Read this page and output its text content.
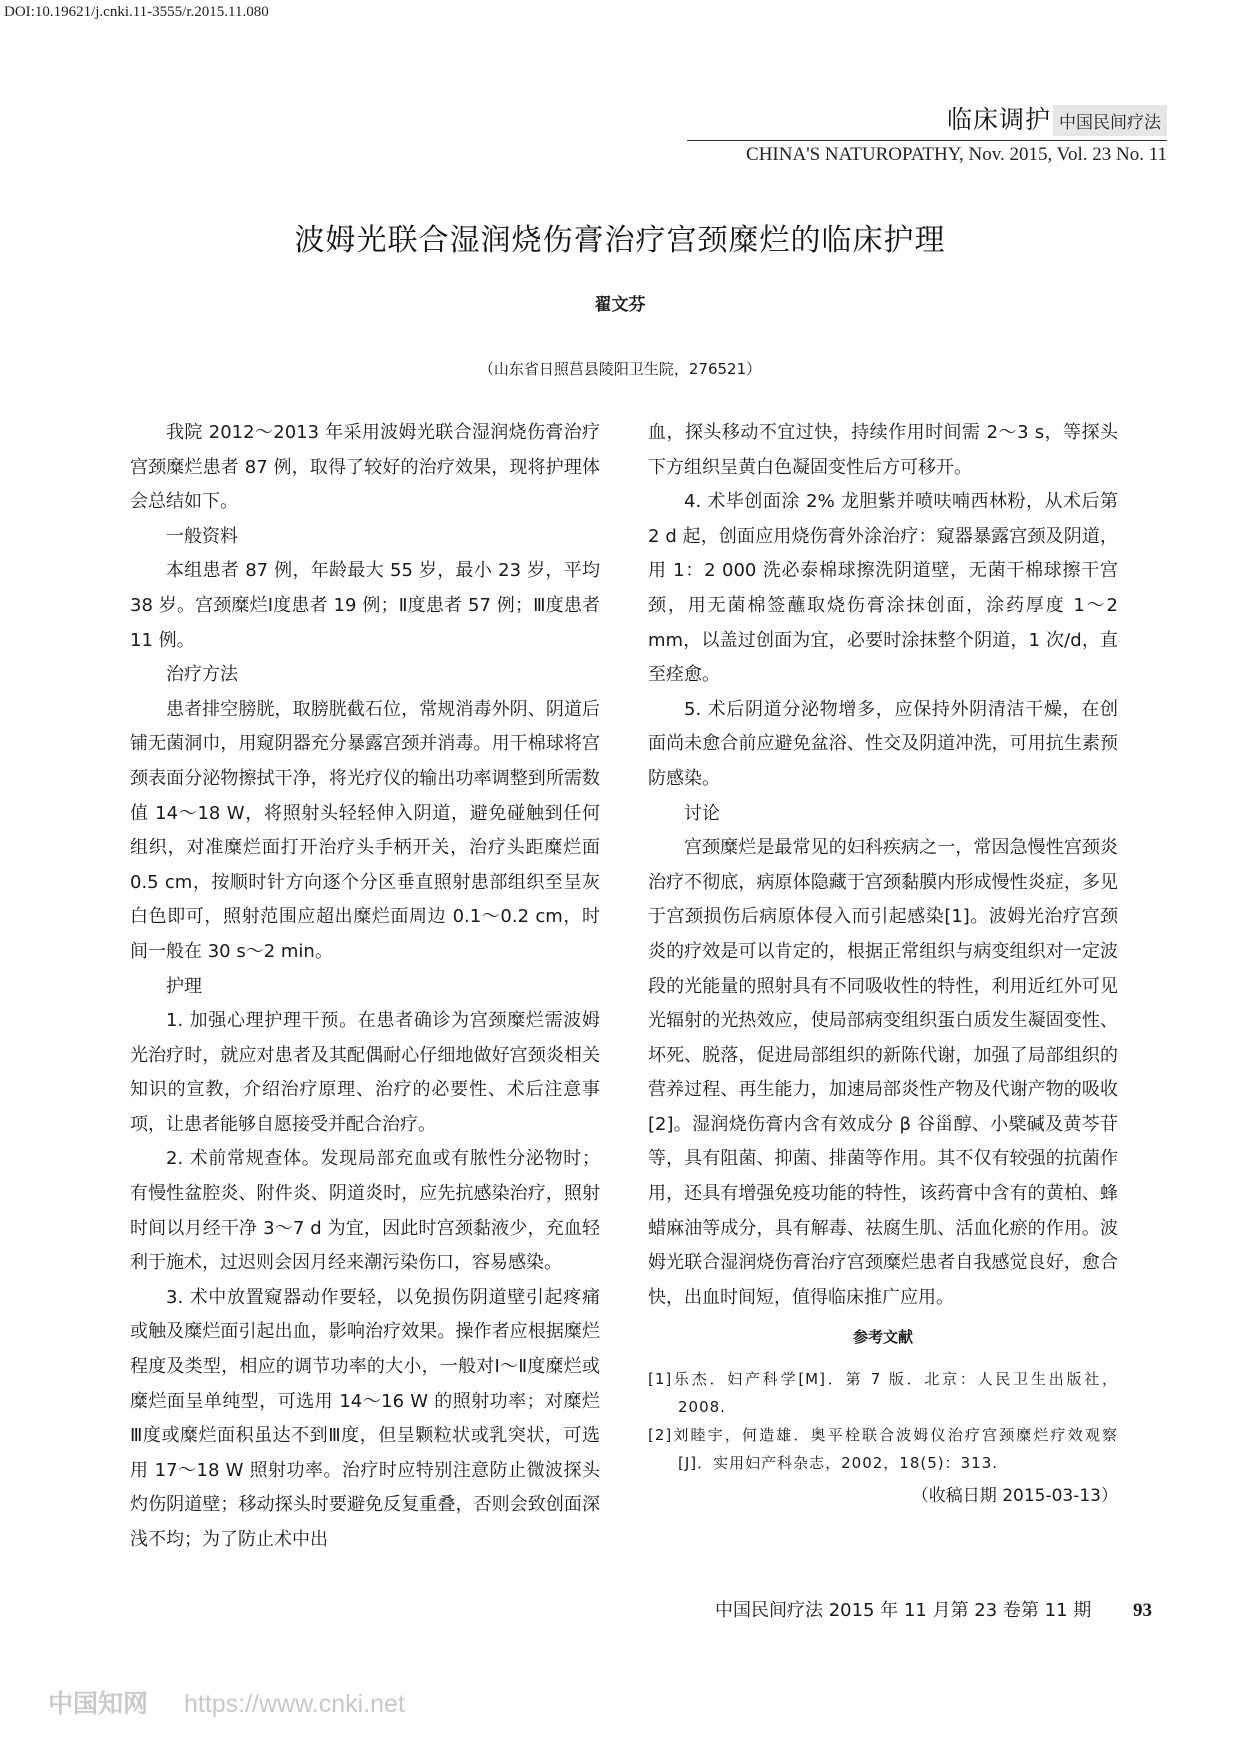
DOI:10.19621/j.cnki.11-3555/r.2015.11.080
临床调护 中国民间疗法
CHINA'S NATUROPATHY, Nov. 2015, Vol. 23 No. 11
波姆光联合湿润烧伤膏治疗宫颈糜烂的临床护理
翟文芬
（山东省日照莒县陵阳卫生院，276521）

我院 2012～2013 年采用波姆光联合湿润烧伤膏治疗宫颈糜烂患者 87 例，取得了较好的治疗效果，现将护理体会总结如下。

一般资料

本组患者 87 例，年龄最大 55 岁，最小 23 岁，平均 38 岁。宫颈糜烂Ⅰ度患者 19 例；Ⅱ度患者 57 例；Ⅲ度患者 11 例。

治疗方法

患者排空膀胱，取膀胱截石位，常规消毒外阴、阴道后铺无菌洞巾，用窥阴器充分暴露宫颈并消毒。用干棉球将宫颈表面分泌物擦拭干净，将光疗仪的输出功率调整到所需数值 14～18 W，将照射头轻轻伸入阴道，避免碰触到任何组织，对准糜烂面打开治疗头手柄开关，治疗头距糜烂面 0.5 cm，按顺时针方向逐个分区垂直照射患部组织至呈灰白色即可，照射范围应超出糜烂面周边 0.1～0.2 cm，时间一般在 30 s～2 min。

护理

1. 加强心理护理干预。在患者确诊为宫颈糜烂需波姆光治疗时，就应对患者及其配偶耐心仔细地做好宫颈炎相关知识的宣教，介绍治疗原理、治疗的必要性、术后注意事项，让患者能够自愿接受并配合治疗。

2. 术前常规查体。发现局部充血或有脓性分泌物时；有慢性盆腔炎、附件炎、阴道炎时，应先抗感染治疗，照射时间以月经干净 3～7 d 为宜，因此时宫颈黏液少，充血轻利于施术，过迟则会因月经来潮污染伤口，容易感染。

3. 术中放置窥器动作要轻，以免损伤阴道壁引起疼痛或触及糜烂面引起出血，影响治疗效果。操作者应根据糜烂程度及类型，相应的调节功率的大小，一般对Ⅰ～Ⅱ度糜烂或糜烂面呈单纯型，可选用 14～16 W 的照射功率；对糜烂Ⅲ度或糜烂面积虽达不到Ⅲ度，但呈颗粒状或乳突状，可选用 17～18 W 照射功率。治疗时应特别注意防止微波探头灼伤阴道壁；移动探头时要避免反复重叠，否则会致创面深浅不均；为了防止术中出

血，探头移动不宜过快，持续作用时间需 2～3 s，等探头下方组织呈黄白色凝固变性后方可移开。

4. 术毕创面涂 2% 龙胆紫并喷呋喃西林粉，从术后第 2 d 起，创面应用烧伤膏外涂治疗：窥器暴露宫颈及阴道，用 1：2 000 洗必泰棉球擦洗阴道壁，无菌干棉球擦干宫颈，用无菌棉签蘸取烧伤膏涂抹创面，涂药厚度 1～2 mm，以盖过创面为宜，必要时涂抹整个阴道，1 次/d，直至痊愈。

5. 术后阴道分泌物增多，应保持外阴清洁干燥，在创面尚未愈合前应避免盆浴、性交及阴道冲洗，可用抗生素预防感染。

讨论

宫颈糜烂是最常见的妇科疾病之一，常因急慢性宫颈炎治疗不彻底，病原体隐藏于宫颈黏膜内形成慢性炎症，多见于宫颈损伤后病原体侵入而引起感染[1]。波姆光治疗宫颈炎的疗效是可以肯定的，根据正常组织与病变组织对一定波段的光能量的照射具有不同吸收性的特性，利用近红外可见光辐射的光热效应，使局部病变组织蛋白质发生凝固变性、坏死、脱落，促进局部组织的新陈代谢，加强了局部组织的营养过程、再生能力，加速局部炎性产物及代谢产物的吸收[2]。湿润烧伤膏内含有效成分 β 谷甾醇、小檗碱及黄芩苷等，具有阻菌、抑菌、排菌等作用。其不仅有较强的抗菌作用，还具有增强免疫功能的特性，该药膏中含有的黄柏、蜂蜡麻油等成分，具有解毒、祛腐生肌、活血化瘀的作用。波姆光联合湿润烧伤膏治疗宫颈糜烂患者自我感觉良好，愈合快，出血时间短，值得临床推广应用。

参考文献
[1]乐杰．妇产科学[M]．第 7 版．北京：人民卫生出版社，2008.
[2]刘睦宇，何造雄．奥平栓联合波姆仪治疗宫颈糜烂疗效观察[J]．实用妇产科杂志，2002，18(5)：313.
（收稿日期 2015-03-13）
中国民间疗法 2015 年 11 月第 23 卷第 11 期 93
中国知网 https://www.cnki.net
